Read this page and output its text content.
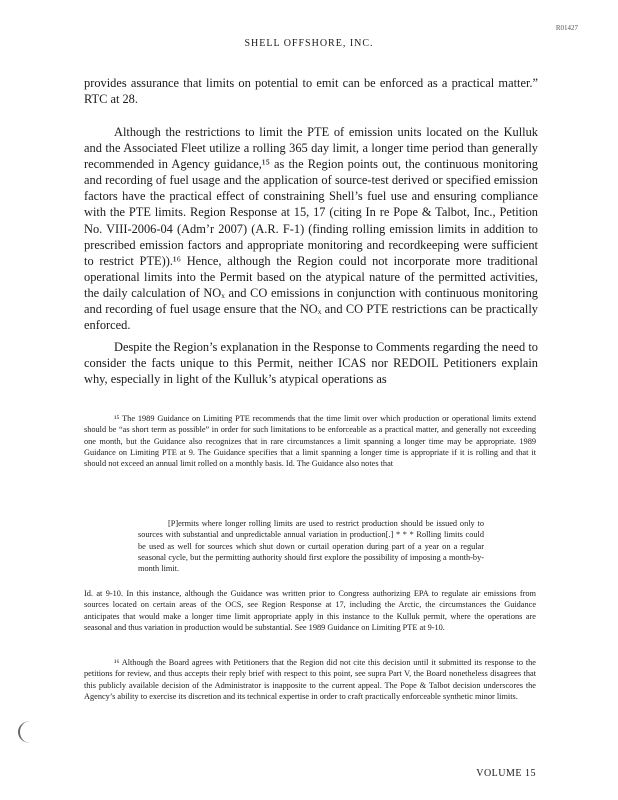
R01427
SHELL OFFSHORE, INC.

provides assurance that limits on potential to emit can be enforced as a practical matter.” RTC at 28.

Although the restrictions to limit the PTE of emission units located on the Kulluk and the Associated Fleet utilize a rolling 365 day limit, a longer time period than generally recommended in Agency guidance,¹⁵ as the Region points out, the continuous monitoring and recording of fuel usage and the application of source-test derived or specified emission factors have the practical effect of constraining Shell’s fuel use and ensuring compliance with the PTE limits. Region Response at 15, 17 (citing In re Pope & Talbot, Inc., Petition No. VIII-2006-04 (Adm’r 2007) (A.R. F-1) (finding rolling emission limits in addition to prescribed emission factors and appropriate monitoring and recordkeeping were sufficient to restrict PTE)).¹⁶ Hence, although the Region could not incorporate more traditional operational limits into the Permit based on the atypical nature of the permitted activities, the daily calculation of NOₓ and CO emissions in conjunction with continuous monitoring and recording of fuel usage ensure that the NOₓ and CO PTE restrictions can be practically enforced.

Despite the Region’s explanation in the Response to Comments regarding the need to consider the facts unique to this Permit, neither ICAS nor REDOIL Petitioners explain why, especially in light of the Kulluk’s atypical operations as

¹⁵ The 1989 Guidance on Limiting PTE recommends that the time limit over which production or operational limits extend should be “as short term as possible” in order for such limitations to be enforceable as a practical matter, and generally not exceeding one month, but the Guidance also recognizes that in rare circumstances a limit spanning a longer time may be appropriate. 1989 Guidance on Limiting PTE at 9. The Guidance specifies that a limit spanning a longer time is appropriate if it is rolling and that it should not exceed an annual limit rolled on a monthly basis. Id. The Guidance also notes that

[P]ermits where longer rolling limits are used to restrict production should be issued only to sources with substantial and unpredictable annual variation in production[.] * * * Rolling limits could be used as well for sources which shut down or curtail operation during part of a year on a regular seasonal cycle, but the permitting authority should first explore the possibility of imposing a month-by-month limit.

Id. at 9-10. In this instance, although the Guidance was written prior to Congress authorizing EPA to regulate air emissions from sources located on certain areas of the OCS, see Region Response at 17, including the Arctic, the circumstances the Guidance anticipates that would make a longer time limit appropriate apply in this instance to the Kulluk permit, where the operations are seasonal and thus variation in production would be substantial. See 1989 Guidance on Limiting PTE at 9-10.

¹⁶ Although the Board agrees with Petitioners that the Region did not cite this decision until it submitted its response to the petitions for review, and thus accepts their reply brief with respect to this point, see supra Part V, the Board nonetheless disagrees that this publicly available decision of the Administrator is inapposite to the current appeal. The Pope & Talbot decision underscores the Agency’s ability to exercise its discretion and its technical expertise in order to craft practically enforceable synthetic minor limits.

VOLUME 15
